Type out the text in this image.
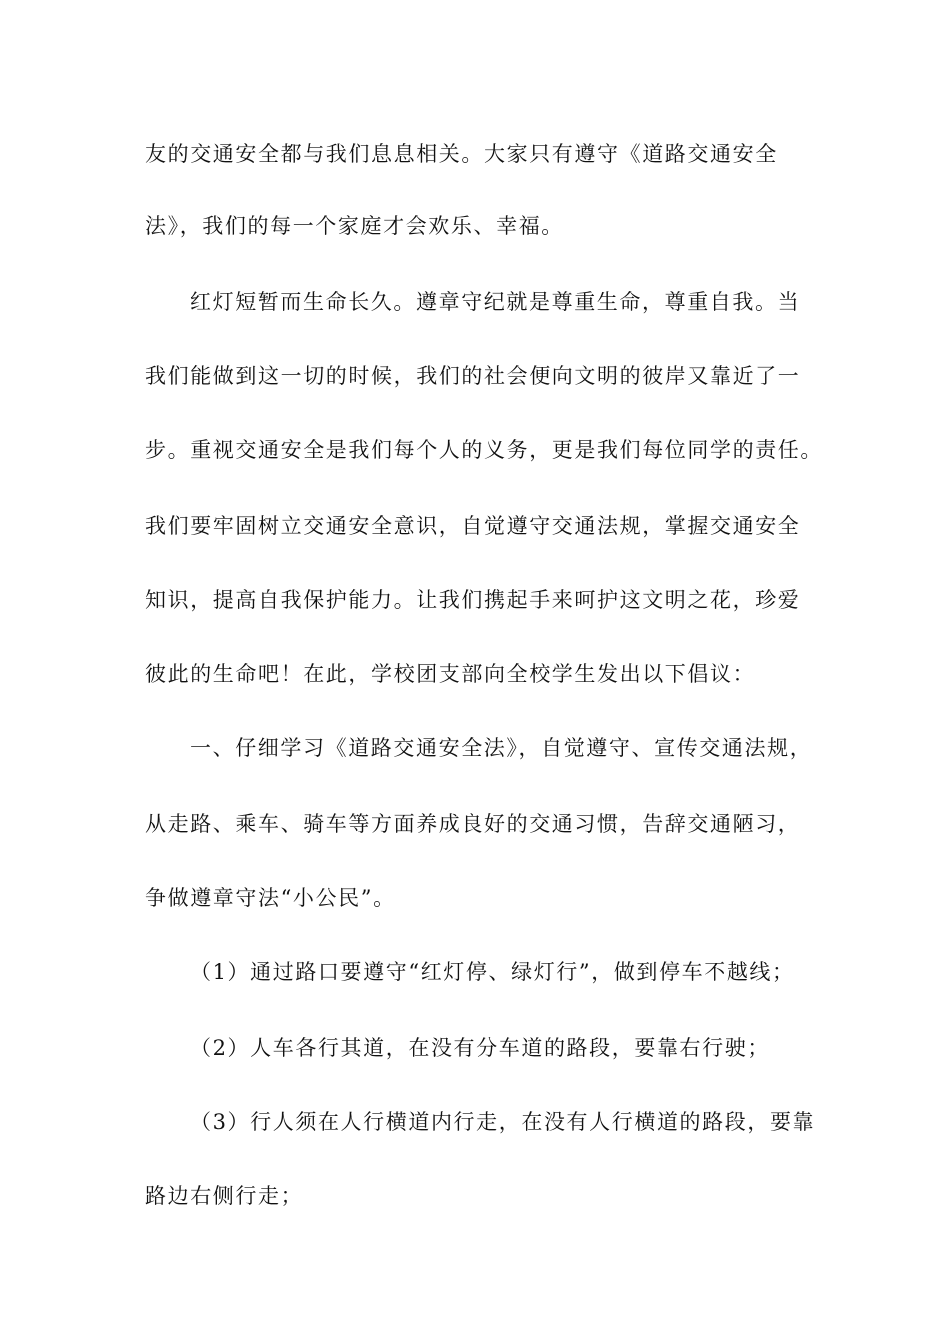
友的交通安全都与我们息息相关。大家只有遵守《道路交通安全
法》，我们的每一个家庭才会欢乐、幸福。
红灯短暂而生命长久。遵章守纪就是尊重生命，尊重自我。当
我们能做到这一切的时候，我们的社会便向文明的彼岸又靠近了一
步。重视交通安全是我们每个人的义务，更是我们每位同学的责任。
我们要牢固树立交通安全意识，自觉遵守交通法规，掌握交通安全
知识，提高自我保护能力。让我们携起手来呵护这文明之花，珍爱
彼此的生命吧！在此，学校团支部向全校学生发出以下倡议：
一、仔细学习《道路交通安全法》，自觉遵守、宣传交通法规，
从走路、乘车、骑车等方面养成良好的交通习惯，告辞交通陋习，
争做遵章守法“小公民”。
（1）通过路口要遵守“红灯停、绿灯行”，做到停车不越线；
（2）人车各行其道，在没有分车道的路段，要靠右行驶；
（3）行人须在人行横道内行走，在没有人行横道的路段，要靠
路边右侧行走；
